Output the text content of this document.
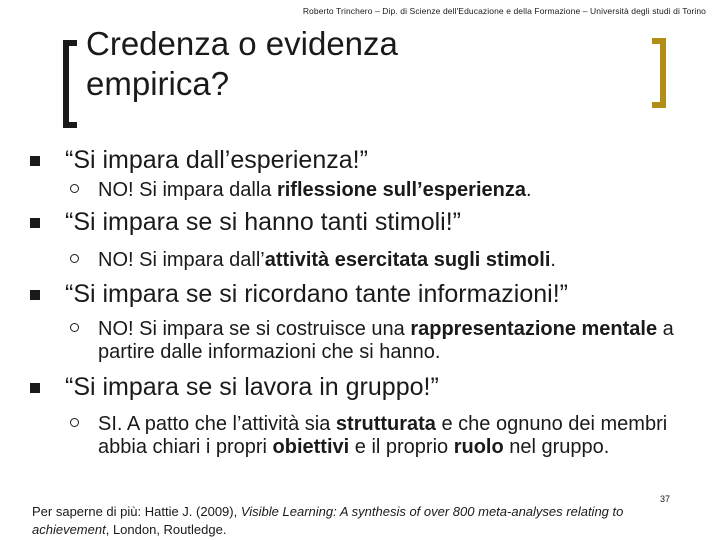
Roberto Trinchero – Dip. di Scienze dell'Educazione e della Formazione – Università degli studi di Torino
Credenza o evidenza
empirica?
“Si impara dall’esperienza!”
NO! Si impara dalla riflessione sull’esperienza.
“Si impara se si hanno tanti stimoli!”
NO! Si impara dall’attività esercitata sugli stimoli.
“Si impara se si ricordano tante informazioni!”
NO! Si impara se si costruisce una rappresentazione mentale a partire dalle informazioni che si hanno.
“Si impara se si lavora in gruppo!”
SI. A patto che l’attività sia strutturata e che ognuno dei membri abbia chiari i propri obiettivi e il proprio ruolo nel gruppo.
37
Per saperne di più: Hattie J. (2009), Visible Learning: A synthesis of over 800 meta-analyses relating to achievement, London, Routledge.
